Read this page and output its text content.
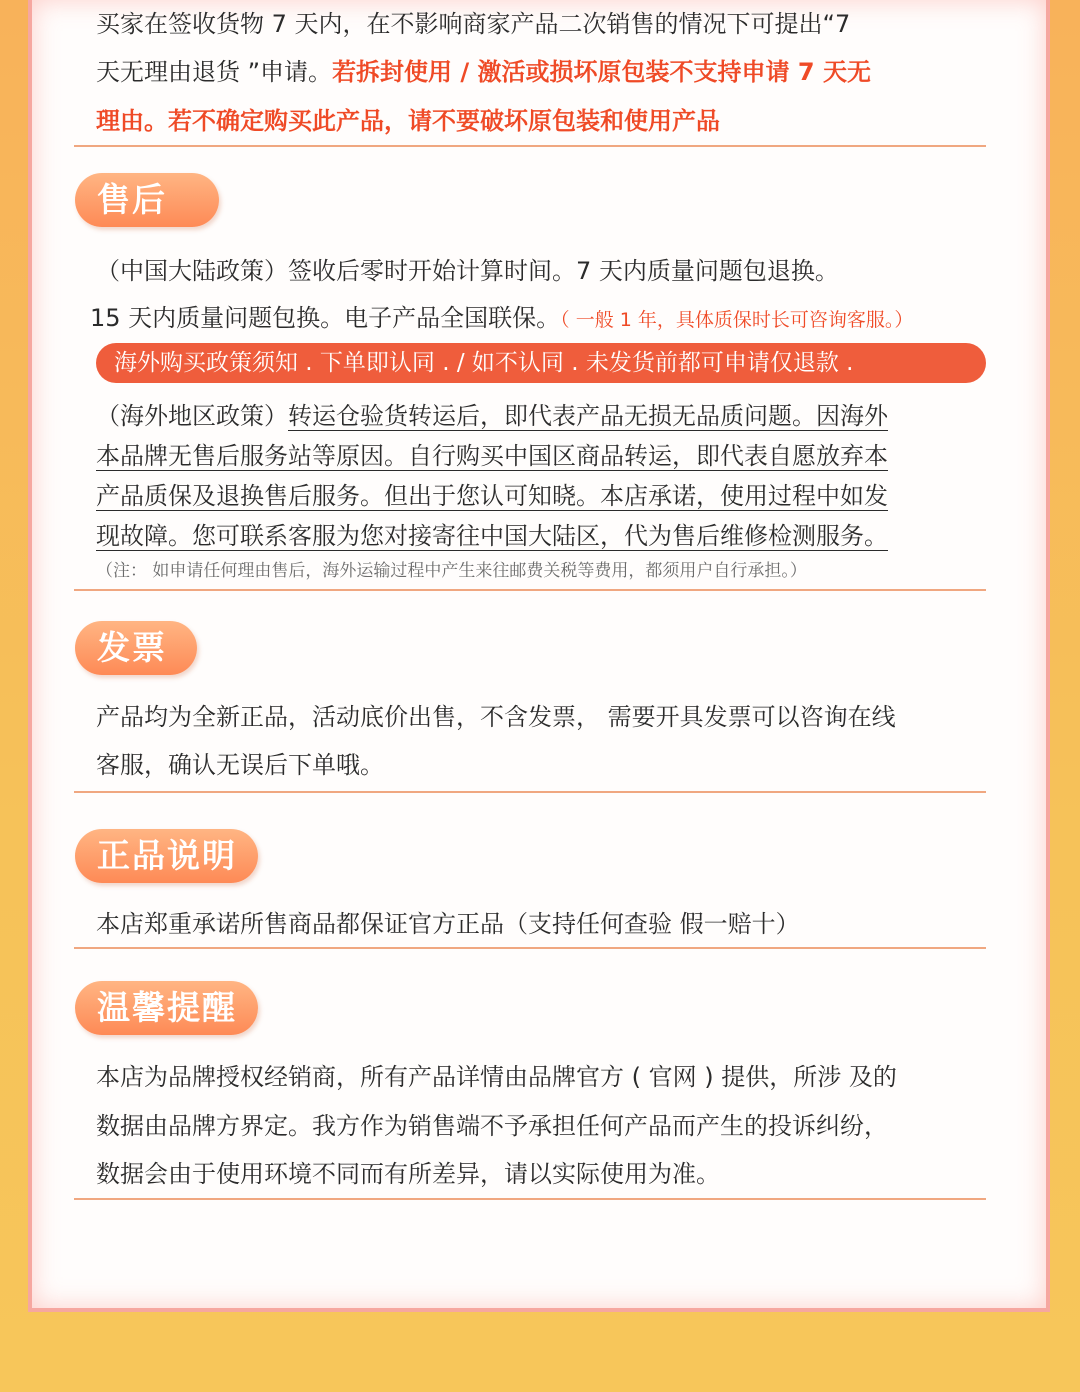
买家在签收货物 7 天内，在不影响商家产品二次销售的情况下可提出“7
天无理由退货 ”申请。若拆封使用 / 激活或损坏原包装不支持申请 7 天无
理由。若不确定购买此产品，请不要破坏原包装和使用产品
售后
（中国大陆政策）签收后零时开始计算时间。7 天内质量问题包退换。
15 天内质量问题包换。电子产品全国联保。（ 一般 1 年，具体质保时长可咨询客服。）
海外购买政策须知 . 下单即认同 . / 如不认同 . 未发货前都可申请仅退款 .
（海外地区政策）转运仓验货转运后，即代表产品无损无品质问题。因海外
本品牌无售后服务站等原因。自行购买中国区商品转运，即代表自愿放弃本
产品质保及退换售后服务。但出于您认可知晓。本店承诺，使用过程中如发
现故障。您可联系客服为您对接寄往中国大陆区，代为售后维修检测服务。
（注： 如申请任何理由售后，海外运输过程中产生来往邮费关税等费用，都须用户自行承担。）
发票
产品均为全新正品，活动底价出售，不含发票， 需要开具发票可以咨询在线
客服，确认无误后下单哦。
正品说明
本店郑重承诺所售商品都保证官方正品（支持任何查验 假一赔十）
温馨提醒
本店为品牌授权经销商，所有产品详情由品牌官方 ( 官网 ) 提供，所涉 及的
数据由品牌方界定。我方作为销售端不予承担任何产品而产生的投诉纠纷，
数据会由于使用环境不同而有所差异，请以实际使用为准。
